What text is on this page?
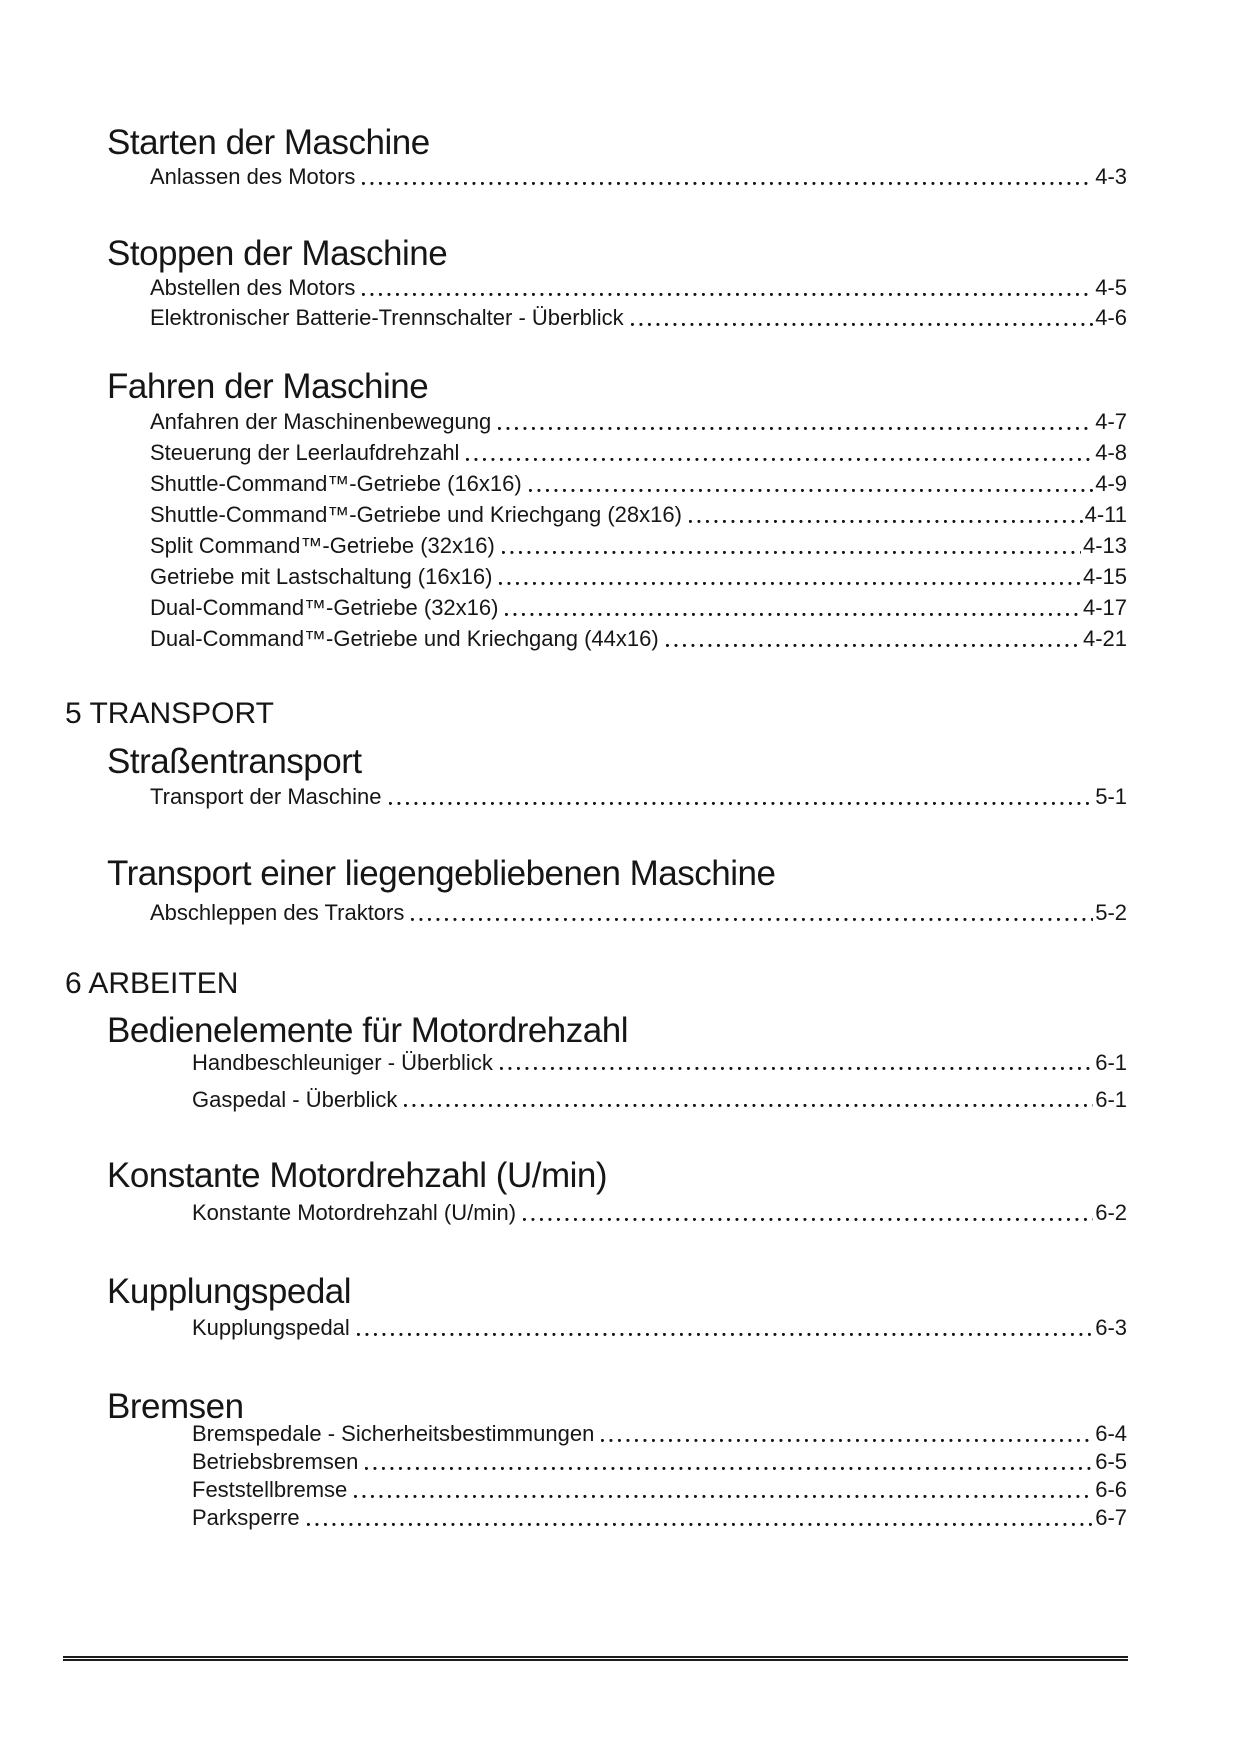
Starten der Maschine
Anlassen des Motors	4-3
Stoppen der Maschine
Abstellen des Motors	4-5
Elektronischer Batterie-Trennschalter - Überblick	4-6
Fahren der Maschine
Anfahren der Maschinenbewegung	4-7
Steuerung der Leerlaufdrehzahl	4-8
Shuttle-Command™-Getriebe (16x16)	4-9
Shuttle-Command™-Getriebe und Kriechgang (28x16)	4-11
Split Command™-Getriebe (32x16)	4-13
Getriebe mit Lastschaltung (16x16)	4-15
Dual-Command™-Getriebe (32x16)	4-17
Dual-Command™-Getriebe und Kriechgang (44x16)	4-21
5 TRANSPORT
Straßentransport
Transport der Maschine	5-1
Transport einer liegengebliebenen Maschine
Abschleppen des Traktors	5-2
6 ARBEITEN
Bedienelemente für Motordrehzahl
Handbeschleuniger - Überblick	6-1
Gaspedal - Überblick	6-1
Konstante Motordrehzahl (U/min)
Konstante Motordrehzahl (U/min)	6-2
Kupplungspedal
Kupplungspedal	6-3
Bremsen
Bremspedale - Sicherheitsbestimmungen	6-4
Betriebsbremsen	6-5
Feststellbremse	6-6
Parksperre	6-7
